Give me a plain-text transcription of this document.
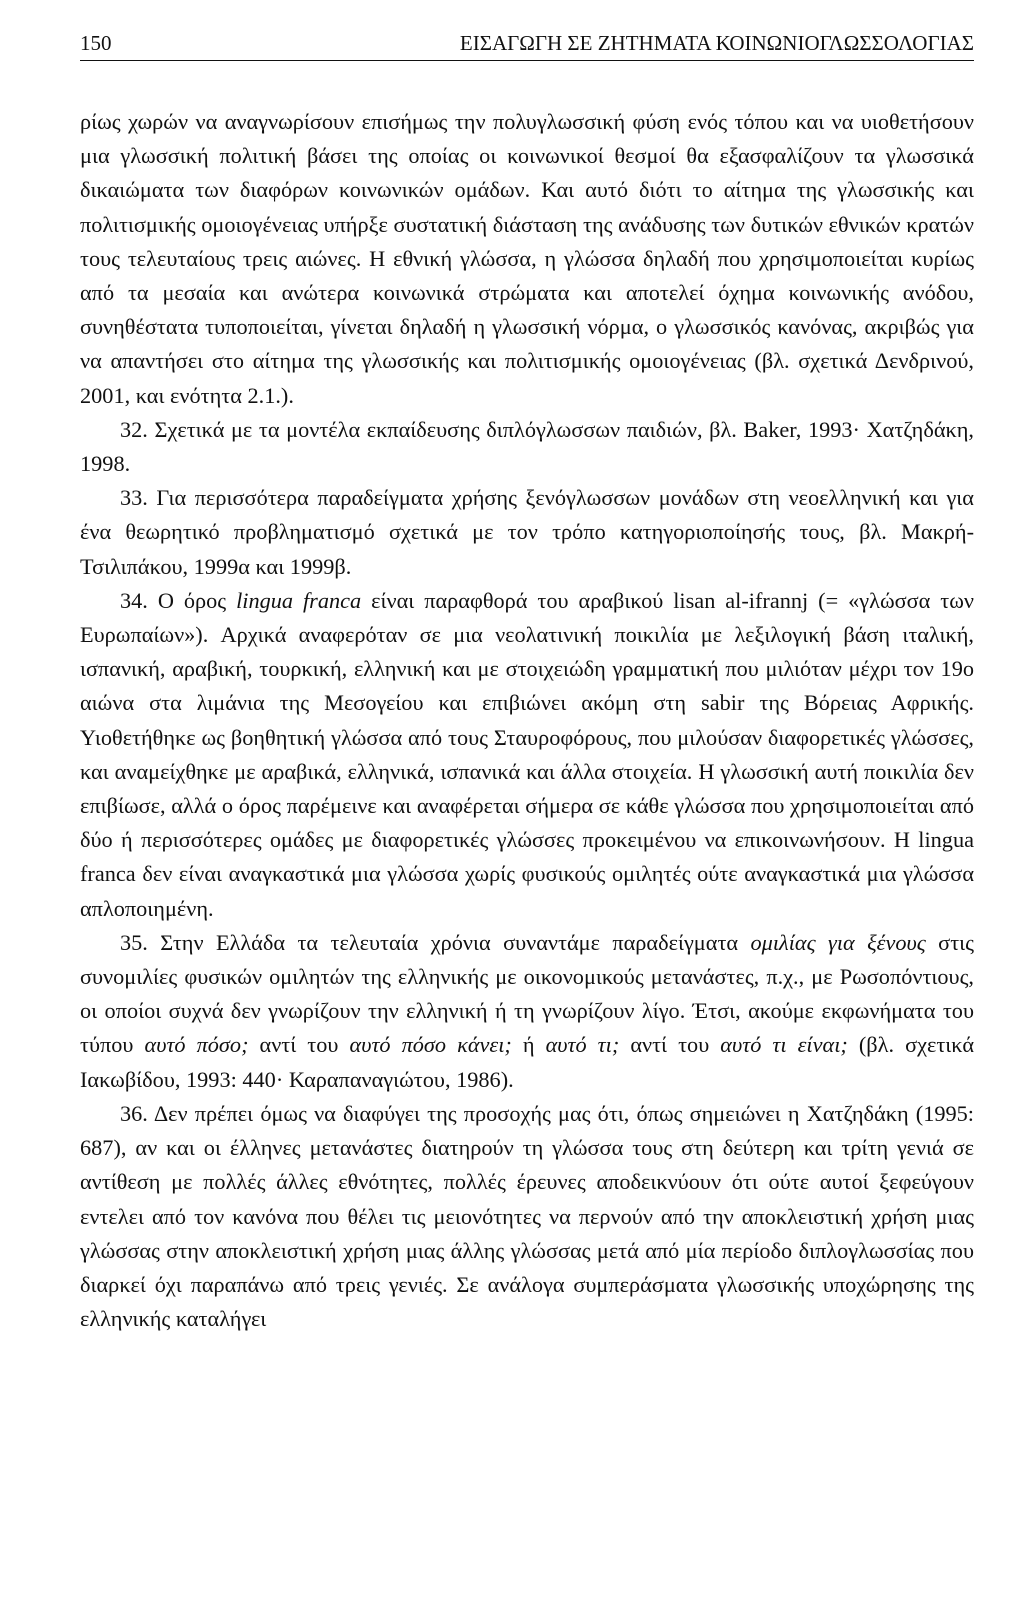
150	ΕΙΣΑΓΩΓΗ ΣΕ ΖΗΤΗΜΑΤΑ ΚΟΙΝΩΝΙΟΓΛΩΣΣΟΛΟΓΙΑΣ

ρίως χωρών να αναγνωρίσουν επισήμως την πολυγλωσσική φύση ενός τόπου και να υιοθετήσουν μια γλωσσική πολιτική βάσει της οποίας οι κοινωνικοί θεσμοί θα εξασφαλίζουν τα γλωσσικά δικαιώματα των διαφόρων κοινωνικών ομάδων. Και αυτό διότι το αίτημα της γλωσσικής και πολιτισμικής ομοιογένειας υπήρξε συστατική διάσταση της ανάδυσης των δυτικών εθνικών κρατών τους τελευταίους τρεις αιώνες. Η εθνική γλώσσα, η γλώσσα δηλαδή που χρησιμοποιείται κυρίως από τα μεσαία και ανώτερα κοινωνικά στρώματα και αποτελεί όχημα κοινωνικής ανόδου, συνηθέστατα τυποποιείται, γίνεται δηλαδή η γλωσσική νόρμα, ο γλωσσικός κανόνας, ακριβώς για να απαντήσει στο αίτημα της γλωσσικής και πολιτισμικής ομοιογένειας (βλ. σχετικά Δενδρινού, 2001, και ενότητα 2.1.).

32. Σχετικά με τα μοντέλα εκπαίδευσης διπλόγλωσσων παιδιών, βλ. Baker, 1993· Χατζηδάκη, 1998.

33. Για περισσότερα παραδείγματα χρήσης ξενόγλωσσων μονάδων στη νεοελληνική και για ένα θεωρητικό προβληματισμό σχετικά με τον τρόπο κατηγοριοποίησής τους, βλ. Μακρή-Τσιλιπάκου, 1999α και 1999β.

34. Ο όρος lingua franca είναι παραφθορά του αραβικού lisan al-ifrannj (= «γλώσσα των Ευρωπαίων»). Αρχικά αναφερόταν σε μια νεολατινική ποικιλία με λεξιλογική βάση ιταλική, ισπανική, αραβική, τουρκική, ελληνική και με στοιχειώδη γραμματική που μιλιόταν μέχρι τον 19ο αιώνα στα λιμάνια της Μεσογείου και επιβιώνει ακόμη στη sabir της Βόρειας Αφρικής. Υιοθετήθηκε ως βοηθητική γλώσσα από τους Σταυροφόρους, που μιλούσαν διαφορετικές γλώσσες, και αναμείχθηκε με αραβικά, ελληνικά, ισπανικά και άλλα στοιχεία. Η γλωσσική αυτή ποικιλία δεν επιβίωσε, αλλά ο όρος παρέμεινε και αναφέρεται σήμερα σε κάθε γλώσσα που χρησιμοποιείται από δύο ή περισσότερες ομάδες με διαφορετικές γλώσσες προκειμένου να επικοινωνήσουν. Η lingua franca δεν είναι αναγκαστικά μια γλώσσα χωρίς φυσικούς ομιλητές ούτε αναγκαστικά μια γλώσσα απλοποιημένη.

35. Στην Ελλάδα τα τελευταία χρόνια συναντάμε παραδείγματα ομιλίας για ξένους στις συνομιλίες φυσικών ομιλητών της ελληνικής με οικονομικούς μετανάστες, π.χ., με Ρωσοπόντιους, οι οποίοι συχνά δεν γνωρίζουν την ελληνική ή τη γνωρίζουν λίγο. Έτσι, ακούμε εκφωνήματα του τύπου αυτό πόσο; αντί του αυτό πόσο κάνει; ή αυτό τι; αντί του αυτό τι είναι; (βλ. σχετικά Ιακωβίδου, 1993: 440· Καραπαναγιώτου, 1986).

36. Δεν πρέπει όμως να διαφύγει της προσοχής μας ότι, όπως σημειώνει η Χατζηδάκη (1995: 687), αν και οι έλληνες μετανάστες διατηρούν τη γλώσσα τους στη δεύτερη και τρίτη γενιά σε αντίθεση με πολλές άλλες εθνότητες, πολλές έρευνες αποδεικνύουν ότι ούτε αυτοί ξεφεύγουν εντελει από τον κανόνα που θέλει τις μειονότητες να περνούν από την αποκλειστική χρήση μιας γλώσσας στην αποκλειστική χρήση μιας άλλης γλώσσας μετά από μία περίοδο διπλογλωσσίας που διαρκεί όχι παραπάνω από τρεις γενιές. Σε ανάλογα συμπεράσματα γλωσσικής υποχώρησης της ελληνικής καταλήγει
